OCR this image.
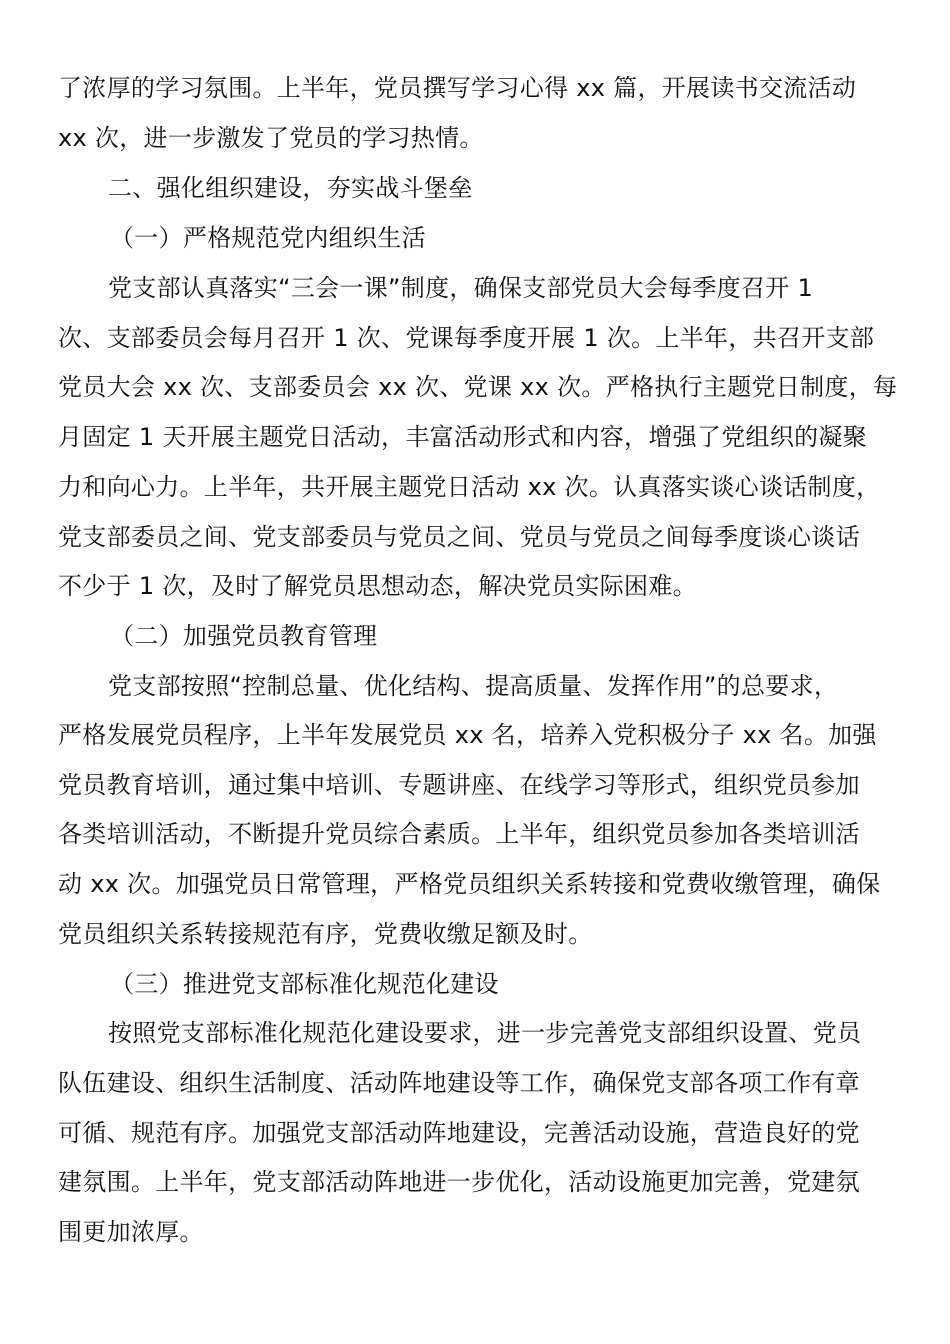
了浓厚的学习氛围。上半年，党员撰写学习心得 xx 篇，开展读书交流活动
xx 次，进一步激发了党员的学习热情。
二、强化组织建设，夯实战斗堡垒
（一）严格规范党内组织生活
党支部认真落实“三会一课”制度，确保支部党员大会每季度召开 1
次、支部委员会每月召开 1 次、党课每季度开展 1 次。上半年，共召开支部
党员大会 xx 次、支部委员会 xx 次、党课 xx 次。严格执行主题党日制度，每
月固定 1 天开展主题党日活动，丰富活动形式和内容，增强了党组织的凝聚
力和向心力。上半年，共开展主题党日活动 xx 次。认真落实谈心谈话制度，
党支部委员之间、党支部委员与党员之间、党员与党员之间每季度谈心谈话
不少于 1 次，及时了解党员思想动态，解决党员实际困难。
（二）加强党员教育管理
党支部按照“控制总量、优化结构、提高质量、发挥作用”的总要求，
严格发展党员程序，上半年发展党员 xx 名，培养入党积极分子 xx 名。加强
党员教育培训，通过集中培训、专题讲座、在线学习等形式，组织党员参加
各类培训活动，不断提升党员综合素质。上半年，组织党员参加各类培训活
动 xx 次。加强党员日常管理，严格党员组织关系转接和党费收缴管理，确保
党员组织关系转接规范有序，党费收缴足额及时。
（三）推进党支部标准化规范化建设
按照党支部标准化规范化建设要求，进一步完善党支部组织设置、党员
队伍建设、组织生活制度、活动阵地建设等工作，确保党支部各项工作有章
可循、规范有序。加强党支部活动阵地建设，完善活动设施，营造良好的党
建氛围。上半年，党支部活动阵地进一步优化，活动设施更加完善，党建氛
围更加浓厚。
